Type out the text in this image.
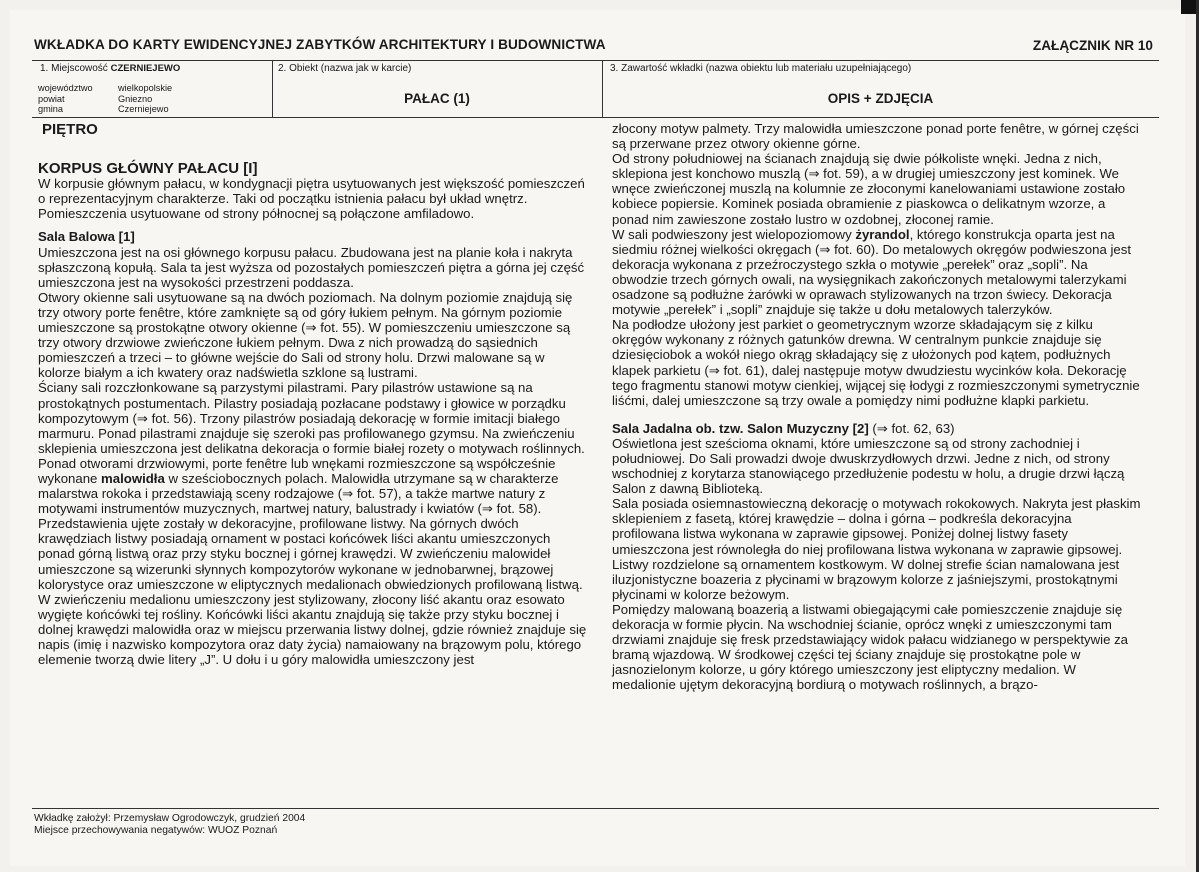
WKŁADKA DO KARTY EWIDENCYJNEJ ZABYTKÓW ARCHITEKTURY I BUDOWNICTWA	ZAŁĄCZNIK NR 10
1. Miejscowość CZERNIEJEWO
województwo
powiat
gmina
wielkopolskie
Gniezno
Czerniejewo
2. Obiekt (nazwa jak w karcie)
PAŁAC (1)
3. Zawartość wkładki (nazwa obiektu lub materiału uzupełniającego)
OPIS + ZDJĘCIA
PIĘTRO
KORPUS GŁÓWNY PAŁACU [I]

W korpusie głównym pałacu, w kondygnacji piętra usytuowanych jest większość pomieszczeń o reprezentacyjnym charakterze. Taki od początku istnienia pałacu był układ wnętrz. Pomieszczenia usytuowane od strony północnej są połączone amfiladowo.

Sala Balowa [1]

Umieszczona jest na osi głównego korpusu pałacu. Zbudowana jest na planie koła i nakryta spłaszczoną kopułą. Sala ta jest wyższa od pozostałych pomieszczeń piętra a górna jej część umieszczona jest na wysokości przestrzeni poddasza.

Otwory okienne sali usytuowane są na dwóch poziomach. Na dolnym poziomie znajdują się trzy otwory porte fenêtre, które zamknięte są od góry łukiem pełnym. Na górnym poziomie umieszczone są prostokątne otwory okienne (⇒ fot. 55). W pomieszczeniu umieszczone są trzy otwory drzwiowe zwieńczone łukiem pełnym. Dwa z nich prowadzą do sąsiednich pomieszczeń a trzeci – to główne wejście do Sali od strony holu. Drzwi malowane są w kolorze białym a ich kwatery oraz nadświetla szklone są lustrami.

Ściany sali rozczłonkowane są parzystymi pilastrami. Pary pilastrów ustawione są na prostokątnych postumentach. Pilastry posiadają pozłacane podstawy i głowice w porządku kompozytowym (⇒ fot. 56). Trzony pilastrów posiadają dekorację w formie imitacji białego marmuru. Ponad pilastrami znajduje się szeroki pas profilowanego gzymsu. Na zwieńczeniu sklepienia umieszczona jest delikatna dekoracja o formie białej rozety o motywach roślinnych.

Ponad otworami drzwiowymi, porte fenêtre lub wnękami rozmieszczone są współcześnie wykonane malowidła w sześciobocznych polach. Malowidła utrzymane są w charakterze malarstwa rokoka i przedstawiają sceny rodzajowe (⇒ fot. 57), a także martwe natury z motywami instrumentów muzycznych, martwej natury, balustrady i kwiatów (⇒ fot. 58). Przedstawienia ujęte zostały w dekoracyjne, profilowane listwy. Na górnych dwóch krawędziach listwy posiadają ornament w postaci końcówek liści akantu umieszczonych ponad górną listwą oraz przy styku bocznej i górnej krawędzi. W zwieńczeniu malowideł umieszczone są wizerunki słynnych kompozytorów wykonane w jednobarwnej, brązowej kolorystyce oraz umieszczone w eliptycznych medalionach obwiedzionych profilowaną listwą. W zwieńczeniu medalionu umieszczony jest stylizowany, złocony liść akantu oraz esowato wygięte końcówki tej rośliny. Końcówki liści akantu znajdują się także przy styku bocznej i dolnej krawędzi malowidła oraz w miejscu przerwania listwy dolnej, gdzie również znajduje się napis (imię i nazwisko kompozytora oraz daty życia) namaiowany na brązowym polu, którego elemenie tworzą dwie litery „J”. U dołu i u góry malowidła umieszczony jest

złocony motyw palmety. Trzy malowidła umieszczone ponad porte fenêtre, w górnej części są przerwane przez otwory okienne górne.

Od strony południowej na ścianach znajdują się dwie półkoliste wnęki. Jedna z nich, sklepiona jest konchowo muszlą (⇒ fot. 59), a w drugiej umieszczony jest kominek. We wnęce zwieńczonej muszlą na kolumnie ze złoconymi kanelowaniami ustawione zostało kobiece popiersie. Kominek posiada obramienie z piaskowca o delikatnym wzorze, a ponad nim zawieszone zostało lustro w ozdobnej, złoconej ramie.

W sali podwieszony jest wielopoziomowy żyrandol, którego konstrukcja oparta jest na siedmiu różnej wielkości okręgach (⇒ fot. 60). Do metalowych okręgów podwieszona jest dekoracja wykonana z przeźroczystego szkła o motywie „perełek” oraz „sopli”. Na obwodzie trzech górnych owali, na wysięgnikach zakończonych metalowymi talerzykami osadzone są podłużne żarówki w oprawach stylizowanych na trzon świecy. Dekoracja motywie „perełek” i „sopli” znajduje się także u dołu metalowych talerzyków.

Na podłodze ułożony jest parkiet o geometrycznym wzorze składającym się z kilku okręgów wykonany z różnych gatunków drewna. W centralnym punkcie znajduje się dziesięciobok a wokół niego okrąg składający się z ułożonych pod kątem, podłużnych klapek parkietu (⇒ fot. 61), dalej następuje motyw dwudziestu wycinków koła. Dekorację tego fragmentu stanowi motyw cienkiej, wijącej się łodygi z rozmieszczonymi symetrycznie liśćmi, dalej umieszczone są trzy owale a pomiędzy nimi podłużne klapki parkietu.

Sala Jadalna ob. tzw. Salon Muzyczny [2] (⇒ fot. 62, 63)

Oświetlona jest sześcioma oknami, które umieszczone są od strony zachodniej i południowej. Do Sali prowadzi dwoje dwuskrzydłowych drzwi. Jedne z nich, od strony wschodniej z korytarza stanowiącego przedłużenie podestu w holu, a drugie drzwi łączą Salon z dawną Biblioteką.

Sala posiada osiemnastowieczną dekorację o motywach rokokowych. Nakryta jest płaskim sklepieniem z fasetą, której krawędzie – dolna i górna – podkreśla dekoracyjna profilowana listwa wykonana w zaprawie gipsowej. Poniżej dolnej listwy fasety umieszczona jest równoległa do niej profilowana listwa wykonana w zaprawie gipsowej. Listwy rozdzielone są ornamentem kostkowym. W dolnej strefie ścian namalowana jest iluzjonistyczne boazeria z płycinami w brązowym kolorze z jaśniejszymi, prostokątnymi płycinami w kolorze beżowym.

Pomiędzy malowaną boazerią a listwami obiegającymi całe pomieszczenie znajduje się dekoracja w formie płycin. Na wschodniej ścianie, oprócz wnęki z umieszczonymi tam drzwiami znajduje się fresk przedstawiający widok pałacu widzianego w perspektywie za bramą wjazdową. W środkowej części tej ściany znajduje się prostokątne pole w jasnozielonym kolorze, u góry którego umieszczony jest eliptyczny medalion. W medalionie ujętym dekoracyjną bordiurą o motywach roślinnych, a brązo-

Wkładkę założył: Przemysław Ogrodowczyk, grudzień 2004
Miejsce przechowywania negatywów: WUOZ Poznań
